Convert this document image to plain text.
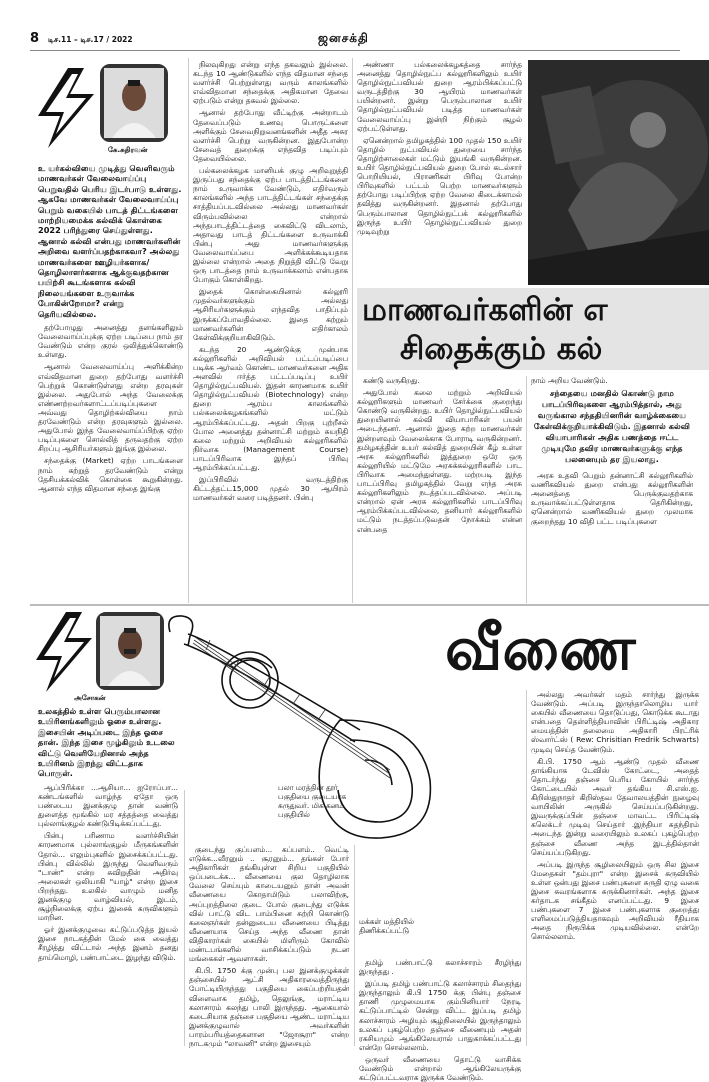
8 டிச.11 – டிச.17 / 2022	ஜனசக்தி
கே.சுதிரவன்
உ யர்கல்வியை முடித்து வெளிவரும் மாணவர்கள் வேலைவாய்ப்பு பெறுவதில் பெரிய இடர்பாடு உள்ளது. ஆகவே மாணவர்கள் வேலைவாய்ப்பு பெறும் வகையில் பாடத் திட்டங்களை மாற்றியமைக்க கல்விக் கொள்கை 2022 பரிந்துரை செய்துள்ளது. ஆனால் கல்வி என்பது மாணவர்களின் அறிவை வளர்ப்பதற்காகவா? அல்லது மாணவர்களை ஊழியர்களாக/ தொழிலாளர்களாக ஆக்குவதற்கான பயிற்சி கூடங்களாக கல்வி நிலையங்களை உருவாக்க போகின்றோமா? என்று தெரியவில்லை.

தற்போழுது அனைத்து தளங்களிலும் வேலைவாய்ப்புக்கு ஏற்ற படிப்பை நாம் தர வேண்டும் என்ற குரல் ஒலித்துக்கொண்டு உள்ளது.

ஆனால் வேலைவாய்ப்பு அளிக்கின்ற எவ்விதமான துறை தற்போது வளர்ச்சி பெற்றுக் கொண்டுள்ளது என்ற தரவுகள் இல்லை. அதுபோல் அந்த வேலைக்கு எண்ணற்றவர்களாட்டப்படிப்புகளை அவ்வது தொழிற்கல்வியை நாம் தரவேண்டும் என்ற தரவுகளும் இல்லை. அதுபோல் இந்த வேலைவாய்ப்பிற்கு ஏற்ற படிப்புகளை சொல்லித் தருவதற்கு ஏற்ற சிறப்பு ஆசிரியர்களும் இங்கு இல்லை.

சந்தைக்கு (Market) ஏற்ற பாடங்களை நாம் கற்றுத் தரவேண்டும் என்று தேசியக்கல்விக் கொள்கை கூறுகின்றது. ஆனால் எந்த விதமான சந்தை இங்கு

நிலவுகிறது என்று எந்த தகவலும் இல்லை. கடந்த 10 ஆண்டுகளில் எந்த விதமான சந்தை வளர்ச்சி பெற்றுள்ளது வரும் காலங்களில் எவ்விதமான சந்தைக்கு அதிகமான தேவை ஏற்படும் என்று தகவல் இல்லை.

ஆனால் தற்போது வீட்டிற்கு அன்றாடம் தேவைப்படும் உணவு பொருட்களை அளிக்கும் சேவைநிறுவனங்களின் அதீத அசுர வளர்ச்சி பெற்று வருகின்றன. இதுபோன்ற சேவைத் துறைக்கு எந்தவித படிப்பும் தேவையில்லை.

பல்கலைக்கழக மானியக் குழு அறிவுறுத்தி இருப்பது சந்தைக்கு ஏற்ப பாடத்திட்டங்களை நாம் உருவாக்க வேண்டும், எதிர்வரும் காலங்களில் அந்த பாடத்திட்டங்கள் சந்தைக்கு சாத்தியப்படவில்லை அல்லது மாணவர்கள் விரும்பவில்லை என்றால் அந்தபாடத்திட்டத்தை கைவிட்டு விடலாம், அதாவது பாடத் திட்டங்களை உருவாக்கி பின்பு அது மாணவர்களுக்கு வேலைவாய்ப்பை அளிக்கக்கூடியதாக இல்லை என்றால் அதை நிறுத்தி விட்டு வேறு ஒரு பாடத்தை நாம் உருவாக்கலாம் என்பதாக போகும் கொள்கிறது.

இதைக் கொள்கையினால் கல்லூரி முதல்வர்களுக்கும் அல்லது ஆசிரியர்களுக்கும் எந்தவித பாதிப்பும் இருக்கப்போவதில்லை. இதை கற்றும் மாணவர்களின் எதிர்காலம் கேள்விக்குறியாகிவிடும்.

கடந்த 20 ஆண்டுக்கு முன்பாக கல்லூரிகளில் அறிவியல் பட்டப்படிப்பை படிக்க ஆர்வம் கொண்ட மாணவர்களை அதிக அளவில் ஈர்த்த பட்டப்படிப்பு உயிர் தொழில்நுட்பவியல். இதன் காரணமாக உயிர் தொழில்நுட்பவியல் (Biotechnology) என்ற துறை ஆரம்ப காலங்களில் பல்கலைக்கழகங்களில் மட்டும் ஆரம்பிக்கப்பட்டது. அதன் பிறகு புற்றீசல் போல அனைத்து தன்னாட்சி மற்றும் சுயநிதி கலை மற்றும் அறிவியல் கல்லூரிகளில் நிர்வாக (Management Course) பாடப்பிரிவாக இந்தப் பிரிவு ஆரம்பிக்கப்பட்டது.

இப்பிரிவில் வருடத்திற்கு கிட்டத்தட்ட15,000 முதல் 30 ஆயிரம் மாணவர்கள் வரை படித்தனர். பின்பு

அண்ணா பல்கலைக்கழகத்தை சார்ந்த அனைத்து தொழில்நுட்ப கல்லூரிகளிலும் உயிர் தொழில்நுட்பவியல் துறை ஆரம்பிக்கப்பட்டு வருடத்திற்கு 30 ஆயிரம் மாணவர்கள் பயின்றனர். இன்று பெரும்பாலான உயிர் தொழில்நுட்பவியல் படித்த மாணவர்கள் வேலைவாய்ப்பு இன்றி நிற்கும் சூழல் ஏற்பட்டுள்ளது.

ஏனென்றால் தமிழகத்தில் 100 முதல் 150 உயிர் தொழில் நுட்பவியல் துறையை சார்ந்த தொழிற்சாலைகள் மட்டும் இயங்கி வருகின்றன. உயிர் தொழில்நுட்பவியல் துறை போல் கடல்சார் பொறியியல், பிராணிகள் பிரிவு போன்ற பிரிவுகளில் பட்டம் பெற்ற மாணவர்களும் தற்போது படிப்பிற்கு ஏற்ற வேலை கிடைக்காமல் தவித்து வருகின்றனர். இதனால் தற்போது பெரும்பாலான தொழில்நுட்பக் கல்லூரிகளில் இருந்த உயிர் தொழில்நுட்பவியல் துறை முடிவுற்று

மாணவர்களின் எ
சிதைக்கும் கல்

கண்டு வருகிறது.

அதுபோல் கலை மற்றும் அறிவியல் கல்லூரிகளும் மாணவர் சேர்க்கை குறைந்து கொண்டு வருகின்றது. உயிர் தொழில்நுட்பவியல் துறையினால் கல்வி வியாபாரிகள் பயன் அடைந்தனர். ஆனால் இதை கற்ற மாணவர்கள் இன்றளவும் வேலைக்காக போராடி வருகின்றனர். தமிழகத்தின் உயர் கல்வித் துறையின் கீழ் உள்ள அரசு கல்லூரிகளில் இத்துறை ஒரே ஒரு கல்லூரியில் மட்டுமே அரசுக்கல்லூரிகளில் பாட பிரிவாக அமைந்துள்ளது. மற்றபடி இந்த பாடப்பிரிவு தமிழகத்தில் வேறு எந்த அரசு கல்லூரிகளிலும் நடத்தப்படவில்லை. அப்படி என்றால் ஏன் அரசு கல்லூரிகளில் பாடப்பிரிவு ஆரம்பிக்கப்படவில்லை, தனியார் கல்லூரிகளில் மட்டும் நடத்தப்படுவதன் நோக்கம் என்ன என்பதை

நாம் அறிய வேண்டும்.

சந்தையை மனதில் கொண்டு நாம பாடப்பிரிவுகளை ஆரம்பித்தால், அது வருங்கால சந்ததியினரின் வாழ்க்கையை கேள்விக்குறியாக்கிவிடும். இதனால் கல்வி வியாபாரிகள் அதிக பணத்தை ஈட்ட முடியுமே தவிர மாணவர்களுக்கு எந்த பலனையும் தர இயலாது.

அரசு உதவி பெறும் தன்னாட்சி கல்லூரிகளில் வணிகவியல் துறை என்பது கல்லூரிகளின் அனைத்தை பெருக்குவதற்காக உருவாக்கப்பட்டுள்ளதாக தெரிகின்றது, ஏனென்றால் வணிகவியல் துறை முலமாக குறைந்தது 10 விதி பட்ட படிப்புகளை

அசோகன்
வீணை
உலகத்தில் உள்ள பெரும்பாலான உயிரினங்களிலும் ஓசை உள்ளது. இசையின் அடிப்படை இந்த ஓசை தான். இந்த இசை மூழ்கிலும் உடலை விட்டு வெளியேறினால் அந்த உயிரினம் இறந்து விட்டதாக பொருள்.

ஆப்பிரிக்கா ...ஆசியா... ஐரோப்பா... கண்டங்களில் வாழ்ந்த ஏதோ ஒரு பண்டைய இனக்குழு தான் வண்டு துளைத்த மூங்கில் மர சத்தத்தை வைத்து புல்லாங்குழல் கண்டுபிடிக்கப்பட்டது.

பின்பு பரிணாம வளர்ச்சியின் காரணமாக புல்லாங்குழல் மீருகங்களின் தோல்... எலும்புகளில் இசைக்கப்பட்டது. பின்பு வில்லில் இருந்து வெளிவரும் "டாண்" என்ற சுவிறுதின் அதிர்வு அலைகள் ஒலியாகி "யாழ்" என்ற இசை பிறந்தது. உலகில் வாழும் மனித இனக்குழு வாழ்வியல், இடம், சூழ்நிலைக்கு ஏற்ப இசைக் கருவிகளும் மாறின.

ஓர் இனக்குழுவை கட்டுப்படுத்த இயல் இசை நாடகத்தின் மேல் கை வைத்து சீரழித்து விட்டால் அந்த இனம் தனது தாய்மொழி, பண்பாட்டை இழந்து விடும்.

பலா மரத்தின் தூர் பகுதியை குடையாக கருதுவர். மிக கனம் பகுதியில்

குடைந்து குப்பளம்... கப்பளம்.. வெட்டி எடுக்க...வீரனும் .. சூரனும்... தங்கள் போர் அதிகாரிகள் தங்கியுள்ள சிறிய பகுதியில் ஒப்படைக்க... வீணையை குல தொழிலாக வேலை செய்யும் காடையனும் தான் அவன் வீணையை கொதாமிடும் பலாவிற்கு, அப்புறத்திலை குடை போல் குடைந்து எடுக்க வில் பாட்டு விட பாம்பினை சுற்றி கொண்டு கலைஞர்கள் தன்னுடைய வீணையை பிடித்து வீணையாக செய்த அந்த வீணை தான் விதிகாரர்கள் கையில் மிளிரும் கோவில் மண்டபங்களில் வாசிக்கப்படும் நடன மங்கைகள் ஆவளாகள்.

கி.பி. 1750 க்கு முன்பு பல இனக்குழுக்கள் தஞ்சையில் ஆட்சி அதிகாரவைத்திருந்து போட்டியிருந்தது பகுதியை கைப்பற்றியதன் விளைவாக தமிழ், தெலுங்கு, மராட்டிய கலாசாரம் கலந்து பாலி இருந்தது. ஆகையால் கடைசியாக தஞ்சை பகுதியை ஆண்ட மராட்டிய இனக்குழுவால் அவர்களின் பாரம்பரியத்தைகளான "ஜோசூரா" என்ற நாடகமும் "லாவனி" என்ற இசையும்

மக்கள் மத்தியில் திணிக்கப்பட்டு

தமிழ் பண்பாட்டு கலாச்சாரம் சீரழிந்து இருந்தது .

இப்படி தமிழ் பண்பாட்டு கலாச்சாரம் சிதைந்து இருந்தாலும் கி.பி 1750 க்கு பின்பு தஞ்சை தாணி முழுமையாக கும்பினியார் நேரடி கட்டுப்பாட்டில் சென்று விட்ட இப்படி தமிழ் கலாச்சாரம் அழியும் சூழ்நிலையில் இருந்தாலும் உலகப் புகழ்பெற்ற தஞ்சை வீணையும் அதன் ரகசியமும் ஆங்கிலேயரால் பாதுகாக்கப்பட்டது என்றே சொல்லலாம்.

ஒருவர் வீணையை தொட்டு வாசிக்க வேண்டும் என்றால் ஆங்கிலேயருக்கு கட்டுப்பட்டவராக இருக்க வேண்டும்.

அல்லது அவர்கள் மதம் சார்ந்து இருக்க வேண்டும். அப்படி இருந்தாலொழிய யாா் கையில் வீணையை தொடுப்பது, கொடுக்க கூடாது என்பதை தெள்ளித்தியாவின் பிரிட்டிஷ் அதிகார மையத்தின் தலைமை அதிகாரி பிரட்ரிக் ஸ்வார்ட்ஸ் ( Rew: Chrisitian Fredrik Schwarts) முடிவு செய்த வேண்டும்.

கி.பி. 1750 ஆம் ஆண்டு முதல் வீணை தாங்கியாக டேவிஸ் கோட்டை, அதைத் தொடர்ந்து தஞ்சை பெரிய கோயில் சார்ந்த கோட்டையில் அவர் தங்கிய சி.எஸ்.ஐ. கிறிஸ்துநாதர் கிறிஸ்தவ தேவாலயத்தின் நுழைவு வாயிலின் அருகில் செய்யப்படுகின்றது. இவருக்குப்பின் தஞ்சை மாவட்ட பிரிட்டிஷ் கலெக்டர் முடிவு செய்தார் .இந்தியா சுதந்திரம் அடைந்த இன்று வரையிலும் உலகப் புகழ்பெற்ற தஞ்சை வீணை அந்த இடத்தில்தான் செய்யப்படுகிறது.

அப்படி இருந்த சூழிலையிலும் ஒரு சில இசை மேதைகள் "தம்புரா" என்ற இசைக் கருவியில் உள்ள ஒன்பது இசை பண்புகளை சுருதி ஏழு வகை இசை சுவரங்களாக சுருக்கினார்கள். அந்த இசை சுர்தாடக சங்கீதம் எனப்பட்டது. 9 இசை பண்புகளை 7 இசை பண்புகளாக குறைத்து எளிமைப்படுத்தியதாகவும் அறிவியல் ரீதியாக அதை நிரூபிக்க முடியவில்லை. என்றே சொல்லலாம்.
